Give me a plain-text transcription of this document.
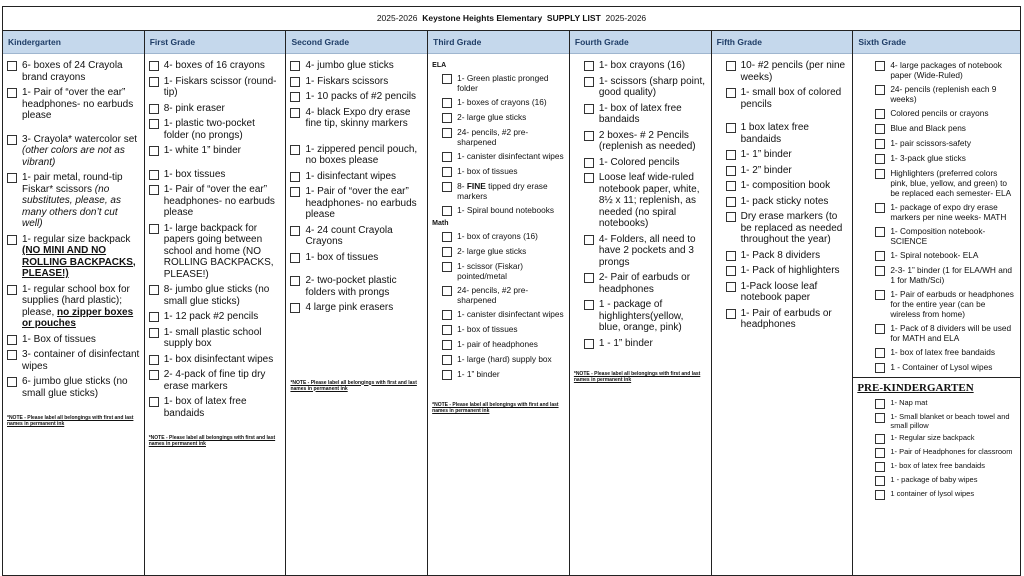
2025-2026 Keystone Heights Elementary SUPPLY LIST 2025-2026
Kindergarten
6- boxes of 24 Crayola brand crayons
1- Pair of “over the ear” headphones- no earbuds please
3- Crayola* watercolor set (other colors are not as vibrant)
1- pair metal, round-tip Fiskar* scissors (no substitutes, please, as many others don’t cut well)
1- regular size backpack (NO MINI AND NO ROLLING BACKPACKS, PLEASE!)
1- regular school box for supplies (hard plastic); please, no zipper boxes or pouches
1- Box of tissues
3- container of disinfectant wipes
6- jumbo glue sticks (no small glue sticks)
*NOTE - Please label all belongings with first and last names in permanent ink
First Grade
4- boxes of 16 crayons
1- Fiskars scissor (round-tip)
8- pink eraser
1- plastic two-pocket folder (no prongs)
1- white 1” binder
1- box tissues
1- Pair of “over the ear” headphones- no earbuds please
1- large backpack for papers going between school and home (NO ROLLING BACKPACKS, PLEASE!)
8- jumbo glue sticks (no small glue sticks)
1- 12 pack #2 pencils
1- small plastic school supply box
1- box disinfectant wipes
2- 4-pack of fine tip dry erase markers
1- box of latex free bandaids
*NOTE - Please label all belongings with first and last names in permanent ink
Second Grade
4- jumbo glue sticks
1- Fiskars scissors
1- 10 packs of #2 pencils
4- black Expo dry erase fine tip, skinny markers
1- zippered pencil pouch, no boxes please
1- disinfectant wipes
1- Pair of “over the ear” headphones- no earbuds please
4- 24 count Crayola Crayons
1- box of tissues
2- two-pocket plastic folders with prongs
4 large pink erasers
*NOTE - Please label all belongings with first and last names in permanent ink
Third Grade
ELA
1- Green plastic pronged folder
1- boxes of crayons (16)
2- large glue sticks
24- pencils, #2 pre-sharpened
1- canister disinfectant wipes
1- box of tissues
8- FINE tipped dry erase markers
1- Spiral bound notebooks
Math
1- box of crayons (16)
2- large glue sticks
1- scissor (Fiskar) pointed/metal
24- pencils, #2 pre-sharpened
1- canister disinfectant wipes
1- box of tissues
1- pair of headphones
1- large (hard) supply box
1- 1” binder
*NOTE - Please label all belongings with first and last names in permanent ink
Fourth Grade
1- box crayons (16)
1- scissors (sharp point, good quality)
1- box of latex free bandaids
2 boxes- # 2 Pencils (replenish as needed)
1- Colored pencils
Loose leaf wide-ruled notebook paper, white, 8½ x 11; replenish, as needed (no spiral notebooks)
4- Folders, all need to have 2 pockets and 3 prongs
2- Pair of earbuds or headphones
1 - package of highlighters(yellow, blue, orange, pink)
1 - 1” binder
*NOTE - Please label all belongings with first and last names in permanent ink
Fifth Grade
10- #2 pencils (per nine weeks)
1- small box of colored pencils
1 box latex free bandaids
1- 1” binder
1- 2” binder
1- composition book
1- pack sticky notes
Dry erase markers (to be replaced as needed throughout the year)
1- Pack 8 dividers
1- Pack of highlighters
1-Pack loose leaf notebook paper
1- Pair of earbuds or headphones
Sixth Grade
4- large packages of notebook paper (Wide-Ruled)
24- pencils (replenish each 9 weeks)
Colored pencils or crayons
Blue and Black pens
1- pair scissors-safety
1- 3-pack glue sticks
Highlighters (preferred colors pink, blue, yellow, and green) to be replaced each semester- ELA
1- package of expo dry erase markers per nine weeks- MATH
1- Composition notebook- SCIENCE
1- Spiral notebook- ELA
2-3- 1” binder (1 for ELA/WH and 1 for Math/Sci)
1- Pair of earbuds or headphones for the entire year (can be wireless from home)
1- Pack of 8 dividers will be used for MATH and ELA
1- box of latex free bandaids
1 - Container of Lysol wipes
PRE-KINDERGARTEN
1- Nap mat
1- Small blanket or beach towel and small pillow
1- Regular size backpack
1- Pair of Headphones for classroom
1- box of latex free bandaids
1 - package of baby wipes
1 container of lysol wipes
